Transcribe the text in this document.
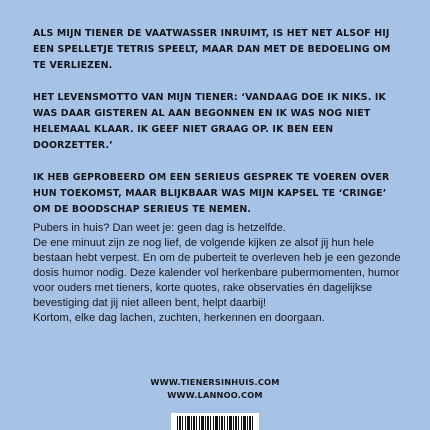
ALS MIJN TIENER DE VAATWASSER INRUIMT, IS HET NET ALSOF HIJ EEN SPELLETJE TETRIS SPEELT, MAAR DAN MET DE BEDOELING OM TE VERLIEZEN.

HET LEVENSMOTTO VAN MIJN TIENER: ‘VANDAAG DOE IK NIKS. IK WAS DAAR GISTEREN AL AAN BEGONNEN EN IK WAS NOG NIET HELEMAAL KLAAR. IK GEEF NIET GRAAG OP. IK BEN EEN DOORZETTER.’

IK HEB GEPROBEERD OM EEN SERIEUS GESPREK TE VOEREN OVER HUN TOEKOMST, MAAR BLIJKBAAR WAS MIJN KAPSEL TE ‘CRINGE’ OM DE BOODSCHAP SERIEUS TE NEMEN.

Pubers in huis? Dan weet je: geen dag is hetzelfde.

De ene minuut zijn ze nog lief, de volgende kijken ze alsof jij hun hele bestaan hebt verpest. En om de puberteit te overleven heb je een gezonde dosis humor nodig. Deze kalender vol herkenbare pubermomenten, humor voor ouders met tieners, korte quotes, rake observaties én dagelijkse bevestiging dat jij niet alleen bent, helpt daarbij!

Kortom, elke dag lachen, zuchten, herkennen en doorgaan.

WWW.TIENERSINHUIS.COM
WWW.LANNOO.COM
